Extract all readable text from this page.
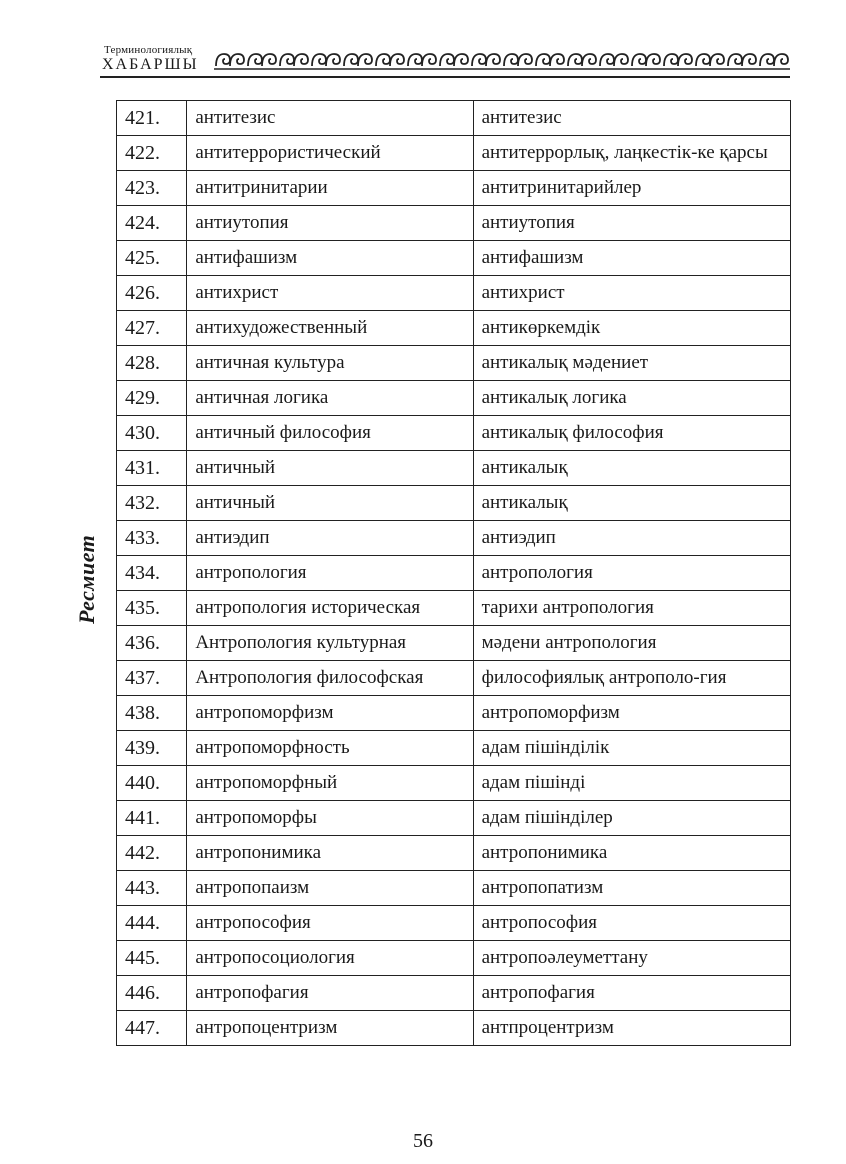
Терминологиялық
ХАБАРШЫ
Ресмиет
421.	антитезис	антитезис
422.	антитеррористический	антитеррорлық, лаңкестік-ке қарсы
423.	антитринитарии	антитринитарийлер
424.	антиутопия	антиутопия
425.	антифашизм	антифашизм
426.	антихрист	антихрист
427.	антихудожественный	антикөркемдік
428.	античная культура	антикалық мәдениет
429.	античная логика	антикалық логика
430.	античный философия	антикалық философия
431.	античный	антикалық
432.	античный	антикалық
433.	антиэдип	антиэдип
434.	антропология	антропология
435.	антропология историческая	тарихи антропология
436.	Антропология культурная	мәдени антропология
437.	Антропология философская	философиялық антрополо-гия
438.	антропоморфизм	антропоморфизм
439.	антропоморфность	адам пішінділік
440.	антропоморфный	адам пішінді
441.	антропоморфы	адам пішінділер
442.	антропонимика	антропонимика
443.	антропопаизм	антропопатизм
444.	антропософия	антропософия
445.	антропосоциология	антропоәлеуметтану
446.	антропофагия	антропофагия
447.	антропоцентризм	антпроцентризм
56
